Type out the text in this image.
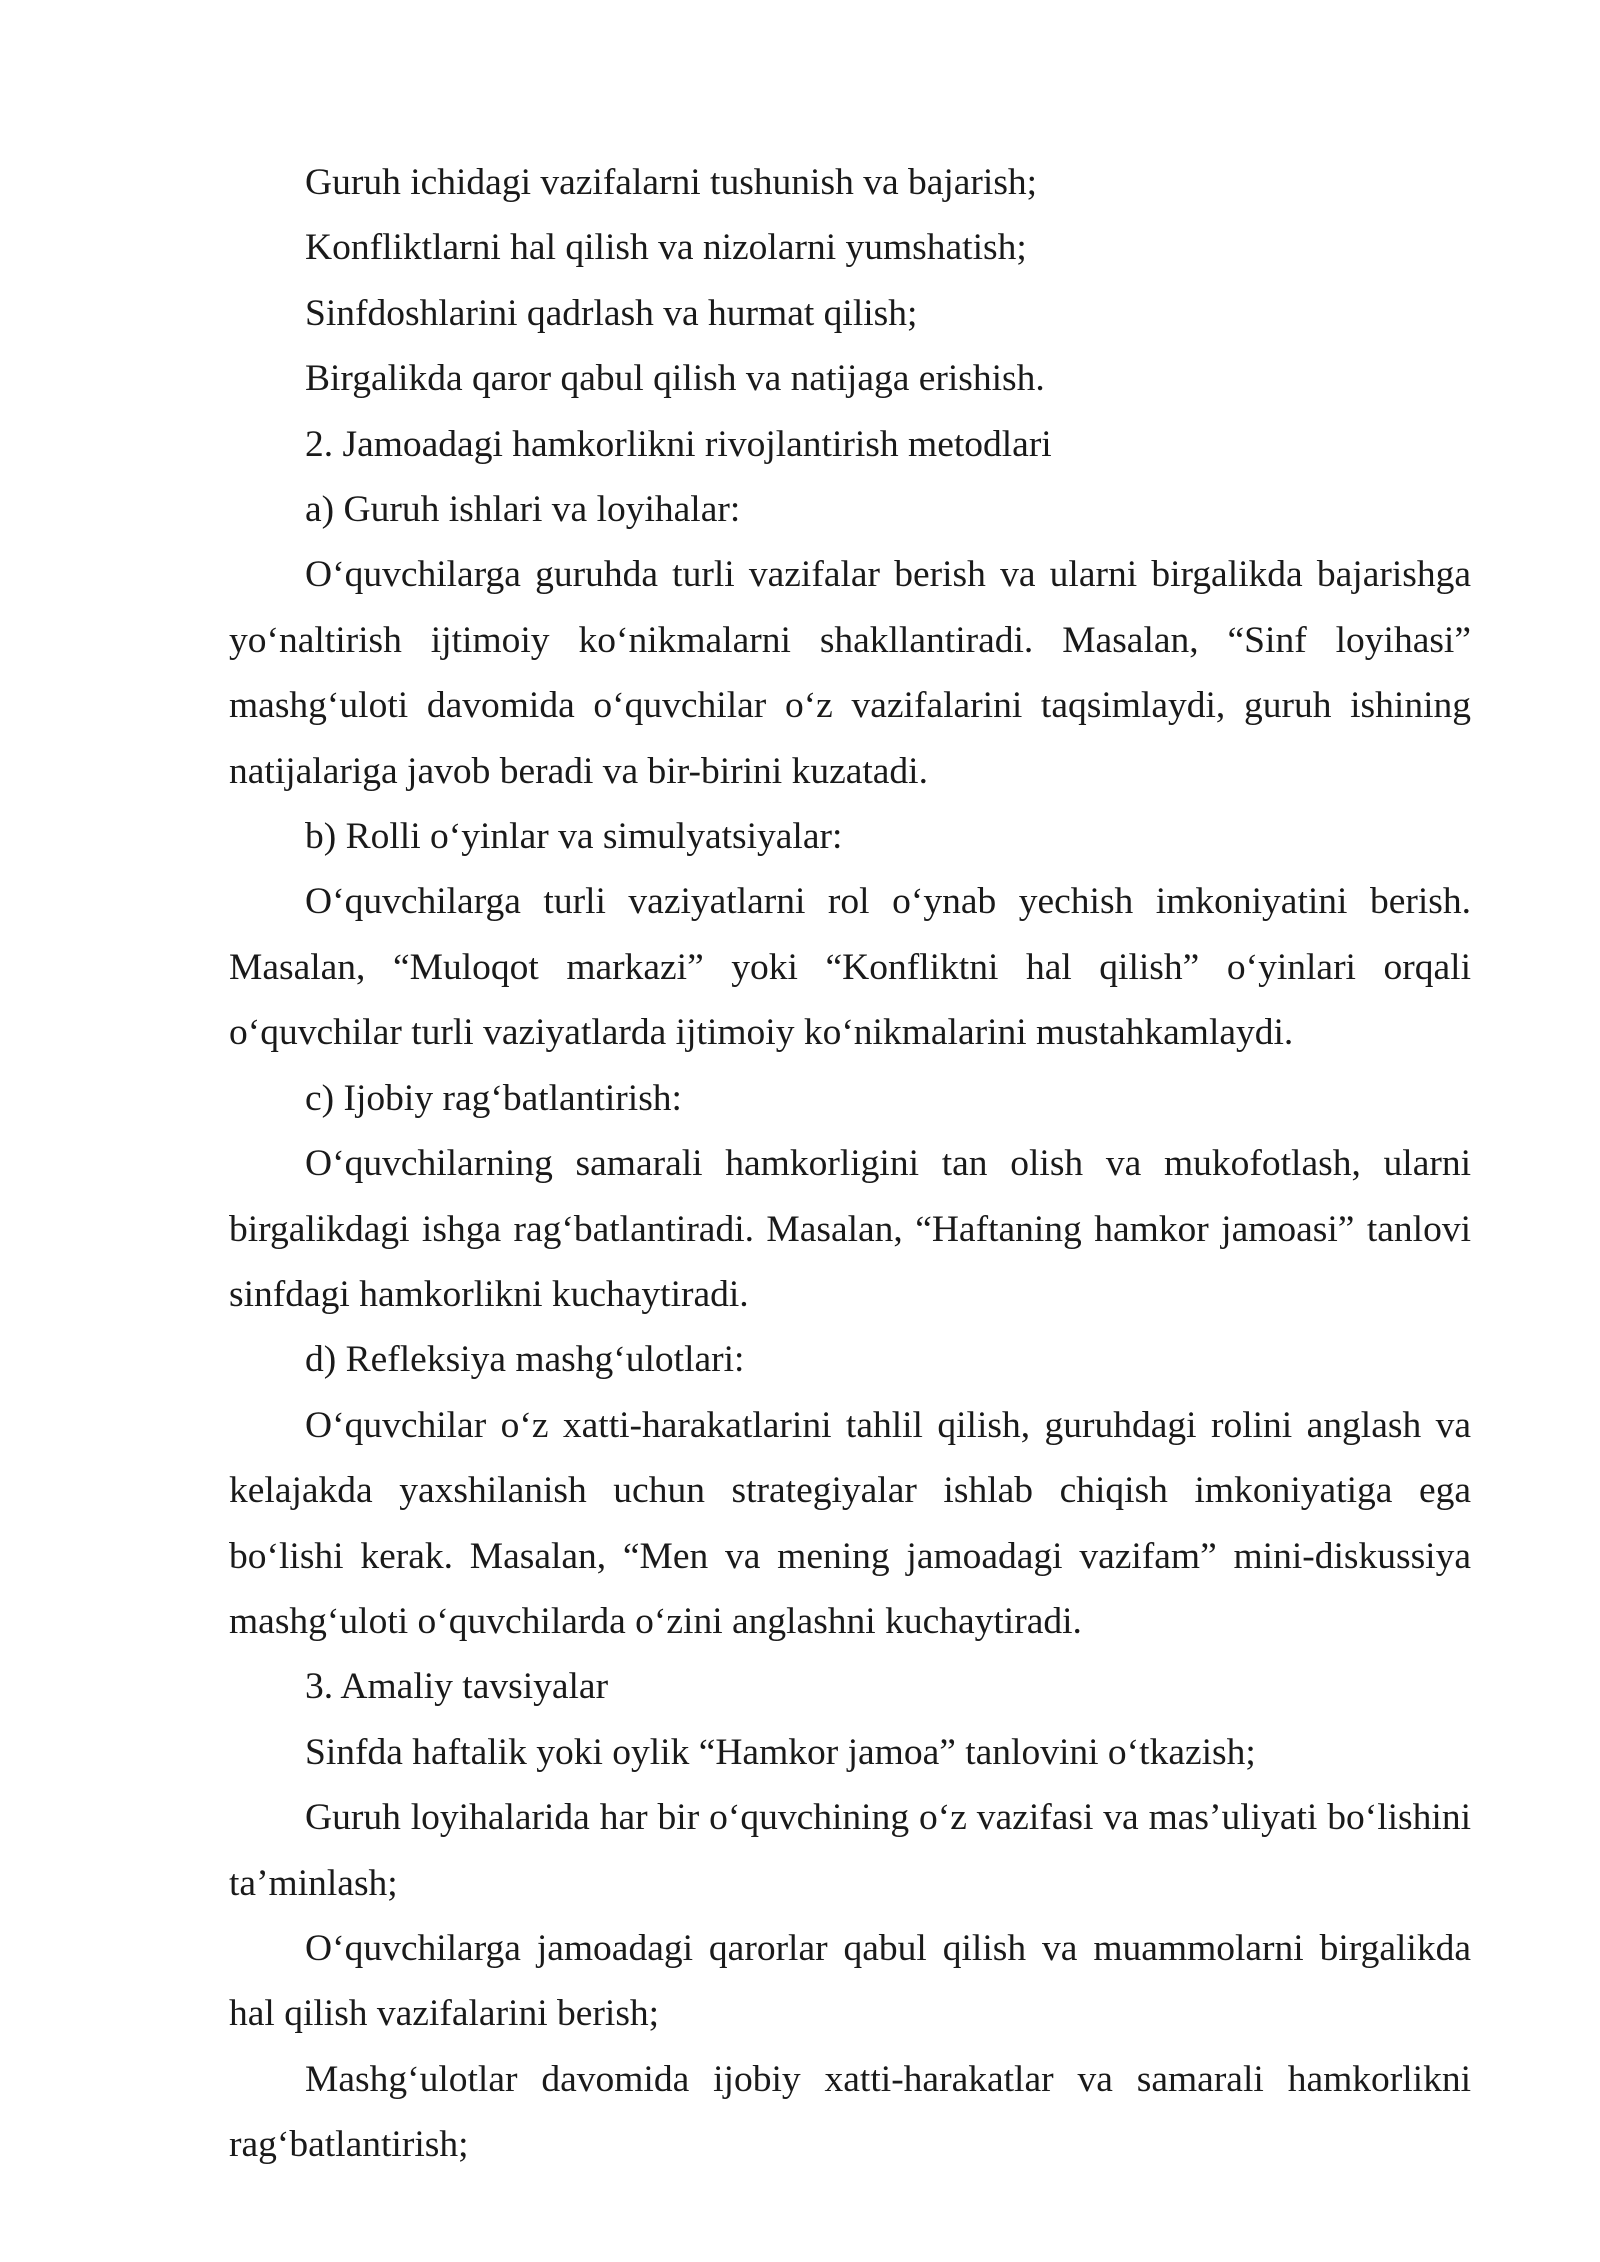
Guruh ichidagi vazifalarni tushunish va bajarish;

Konfliktlarni hal qilish va nizolarni yumshatish;

Sinfdoshlarini qadrlash va hurmat qilish;

Birgalikda qaror qabul qilish va natijaga erishish.

2. Jamoadagi hamkorlikni rivojlantirish metodlari

a) Guruh ishlari va loyihalar:

O‘quvchilarga guruhda turli vazifalar berish va ularni birgalikda bajarishga yo‘naltirish ijtimoiy ko‘nikmalarni shakllantiradi. Masalan, “Sinf loyihasi” mashg‘uloti davomida o‘quvchilar o‘z vazifalarini taqsimlaydi, guruh ishining natijalariga javob beradi va bir-birini kuzatadi.

b) Rolli o‘yinlar va simulyatsiyalar:

O‘quvchilarga turli vaziyatlarni rol o‘ynab yechish imkoniyatini berish. Masalan, “Muloqot markazi” yoki “Konfliktni hal qilish” o‘yinlari orqali o‘quvchilar turli vaziyatlarda ijtimoiy ko‘nikmalarini mustahkamlaydi.

c) Ijobiy rag‘batlantirish:

O‘quvchilarning samarali hamkorligini tan olish va mukofotlash, ularni birgalikdagi ishga rag‘batlantiradi. Masalan, “Haftaning hamkor jamoasi” tanlovi sinfdagi hamkorlikni kuchaytiradi.

d) Refleksiya mashg‘ulotlari:

O‘quvchilar o‘z xatti-harakatlarini tahlil qilish, guruhdagi rolini anglash va kelajakda yaxshilanish uchun strategiyalar ishlab chiqish imkoniyatiga ega bo‘lishi kerak. Masalan, “Men va mening jamoadagi vazifam” mini-diskussiya mashg‘uloti o‘quvchilarda o‘zini anglashni kuchaytiradi.

3. Amaliy tavsiyalar

Sinfda haftalik yoki oylik “Hamkor jamoa” tanlovini o‘tkazish;

Guruh loyihalarida har bir o‘quvchining o‘z vazifasi va mas’uliyati bo‘lishini ta’minlash;

O‘quvchilarga jamoadagi qarorlar qabul qilish va muammolarni birgalikda hal qilish vazifalarini berish;

Mashg‘ulotlar davomida ijobiy xatti-harakatlar va samarali hamkorlikni rag‘batlantirish;
